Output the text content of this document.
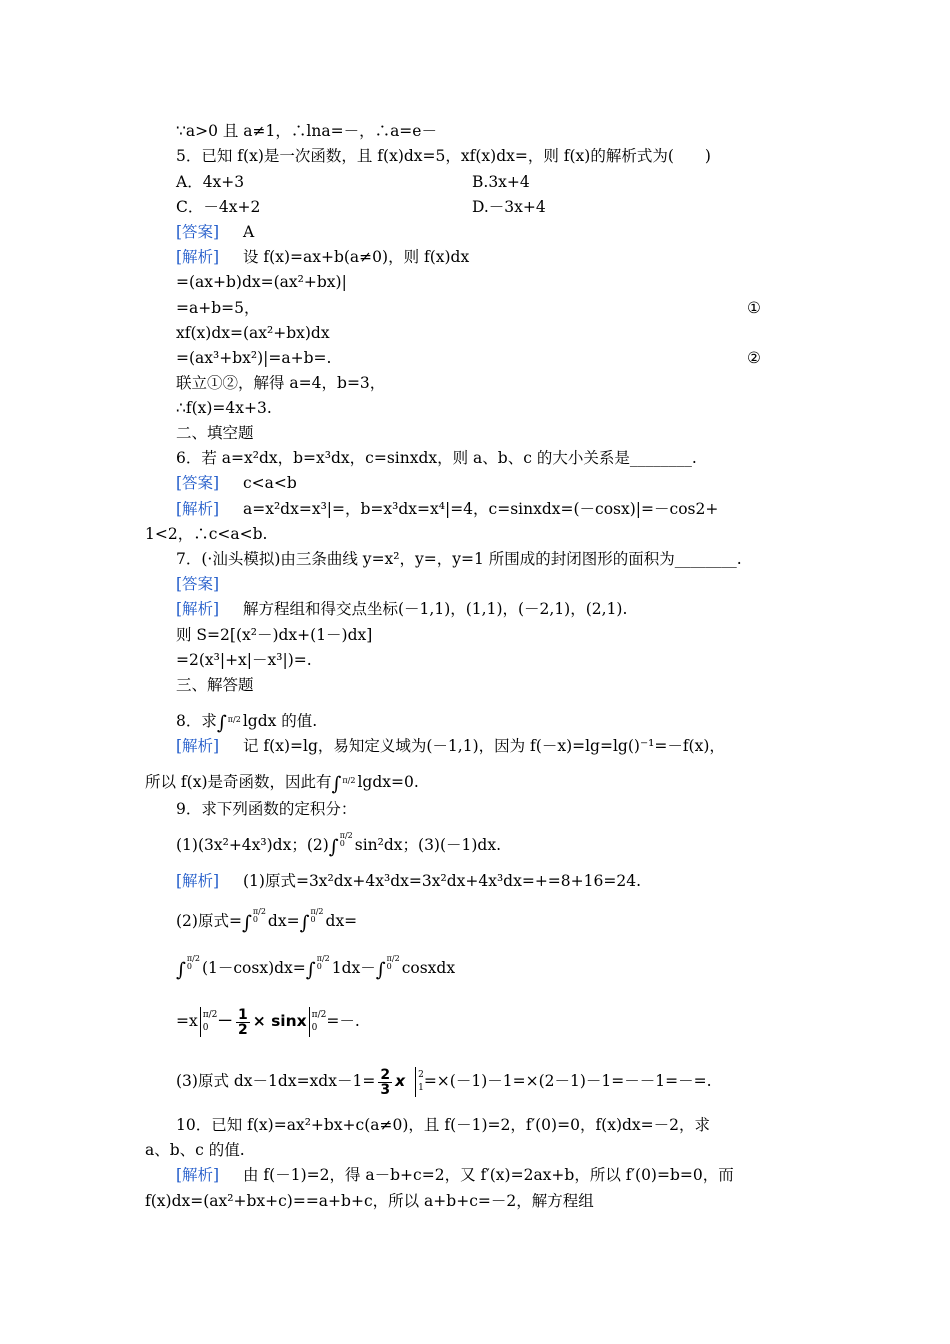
∵a>0 且 a≠1，∴lna=－，∴a=e－
5．已知 f(x)是一次函数，且 f(x)dx=5，xf(x)dx=，则 f(x)的解析式为(　　)
A．4x+3	B.3x+4
C．－4x+2	D.－3x+4
[答案] A
[解析] 设 f(x)=ax+b(a≠0)，则 f(x)dx
=(ax+b)dx=(ax²+bx)|
=a+b=5，	①
xf(x)dx=(ax²+bx)dx
=(ax³+bx²)|=a+b=.	②
联立①②，解得 a=4，b=3，
∴f(x)=4x+3.
二、填空题
6．若 a=x²dx，b=x³dx，c=sinxdx，则 a、b、c 的大小关系是________.
[答案] c<a<b
[解析] a=x²dx=x³|=，b=x³dx=x⁴|=4，c=sinxdx=(－cosx)|=－cos2+
1<2，∴c<a<b.
7．(·汕头模拟)由三条曲线 y=x²，y=，y=1 所围成的封闭图形的面积为________.
[答案]
[解析] 解方程组和得交点坐标(－1,1)，(1,1)，(－2,1)，(2,1).
则 S=2[(x²－)dx+(1－)dx]
=2(x³|+x|－x³|)=.
三、解答题
8．求∫ π/2 lgdx 的值.
[解析] 记 f(x)=lg，易知定义域为(－1,1)，因为 f(－x)=lg=lg()⁻¹=－f(x)，
所以 f(x)是奇函数，因此有∫ π/2 lgdx=0.
9．求下列函数的定积分：
(1)(3x²+4x³)dx；(2)∫
π/2
0 sin²dx；(3)(－1)dx.
[解析] (1)原式=3x²dx+4x³dx=3x²dx+4x³dx=+=8+16=24.
(2)原式=∫
π/2
0 dx=∫
π/2
0 dx=
∫
π/2
0 (1－cosx)dx=∫
π/2
0 1dx－∫
π/2
0 cosxdx
=x π/2
$0 - \frac{1}{2} \times \sin x$ π/2
0 =－.
(3)原式 $dx-1dx=xdx-1= \frac{2}{3}$ x 2
1 =×(－1)－1=×(2－1)－1=－－1=－=.
10．已知 f(x)=ax²+bx+c(a≠0)，且 f(－1)=2，f′(0)=0，f(x)dx=－2，求
a、b、c 的值.
[解析] 由 f(－1)=2，得 a－b+c=2，又 f′(x)=2ax+b，所以 f′(0)=b=0，而
f(x)dx=(ax²+bx+c)==a+b+c，所以 a+b+c=－2，解方程组
